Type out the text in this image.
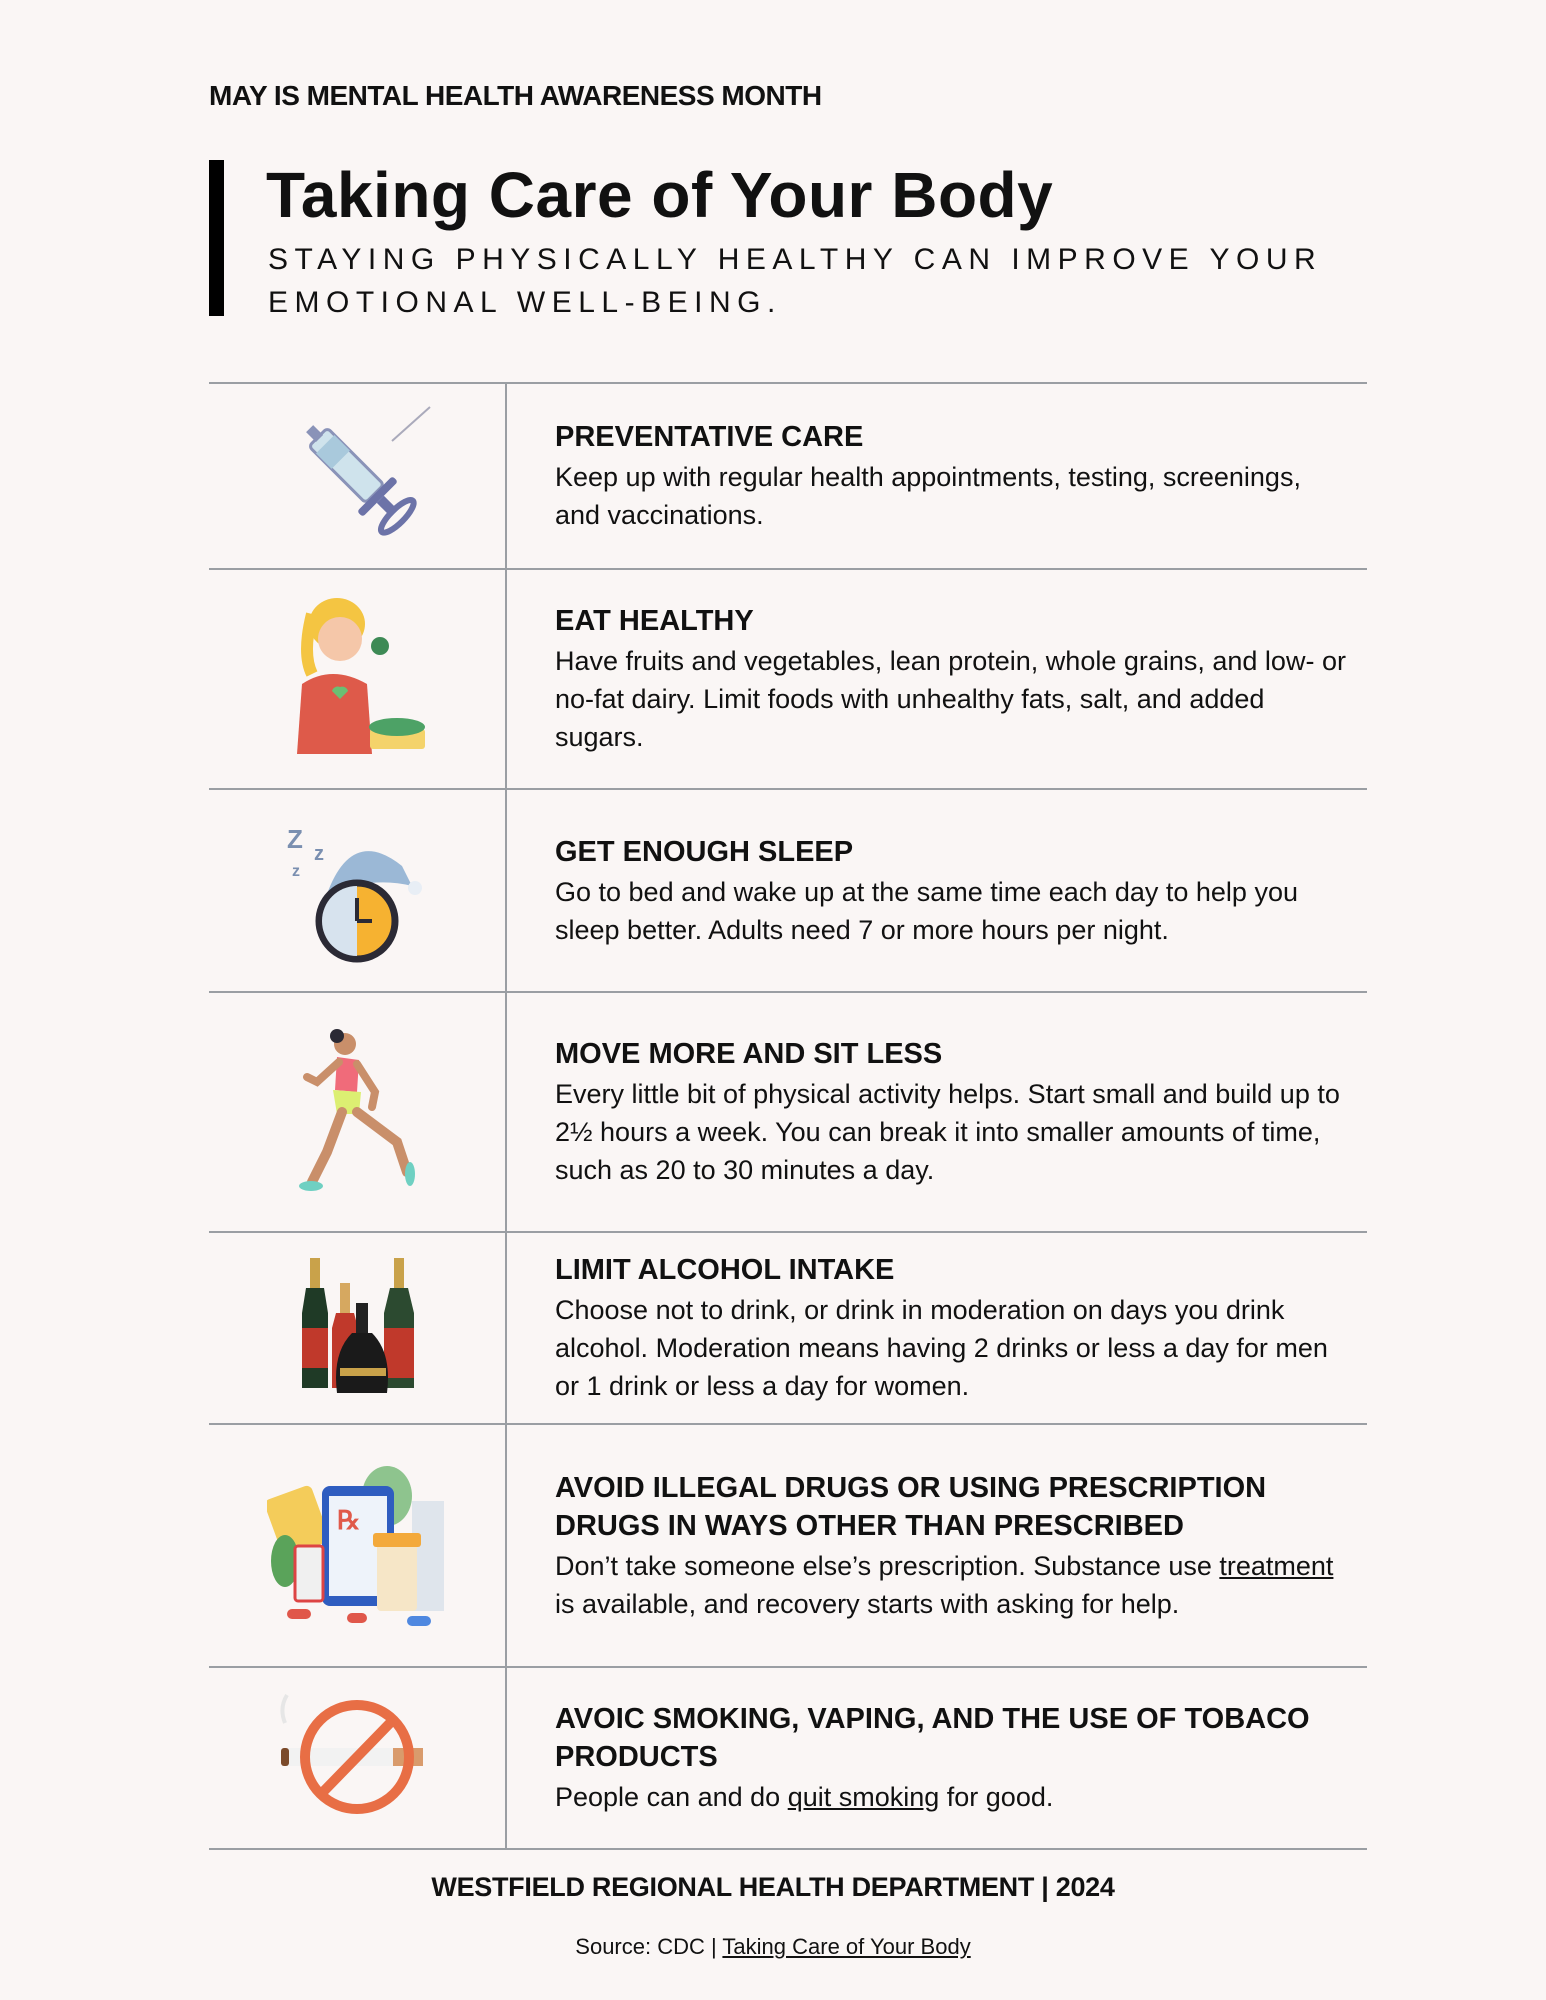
MAY IS MENTAL HEALTH AWARENESS MONTH
Taking Care of Your Body
STAYING PHYSICALLY HEALTHY CAN IMPROVE YOUR EMOTIONAL WELL-BEING.
PREVENTATIVE CARE
Keep up with regular health appointments, testing, screenings, and vaccinations.
EAT HEALTHY
Have fruits and vegetables, lean protein, whole grains, and low- or no-fat dairy. Limit foods with unhealthy fats, salt, and added sugars.
Z z
z
GET ENOUGH SLEEP
Go to bed and wake up at the same time each day to help you sleep better. Adults need 7 or more hours per night.
MOVE MORE AND SIT LESS
Every little bit of physical activity helps. Start small and build up to 2½ hours a week. You can break it into smaller amounts of time, such as 20 to 30 minutes a day.
LIMIT ALCOHOL INTAKE
Choose not to drink, or drink in moderation on days you drink alcohol. Moderation means having 2 drinks or less a day for men or 1 drink or less a day for women.
℞
AVOID ILLEGAL DRUGS OR USING PRESCRIPTION DRUGS IN WAYS OTHER THAN PRESCRIBED
Don’t take someone else’s prescription. Substance use treatment is available, and recovery starts with asking for help.
AVOIC SMOKING, VAPING, AND THE USE OF TOBACO PRODUCTS
People can and do quit smoking for good.
WESTFIELD REGIONAL HEALTH DEPARTMENT | 2024
Source: CDC | Taking Care of Your Body
